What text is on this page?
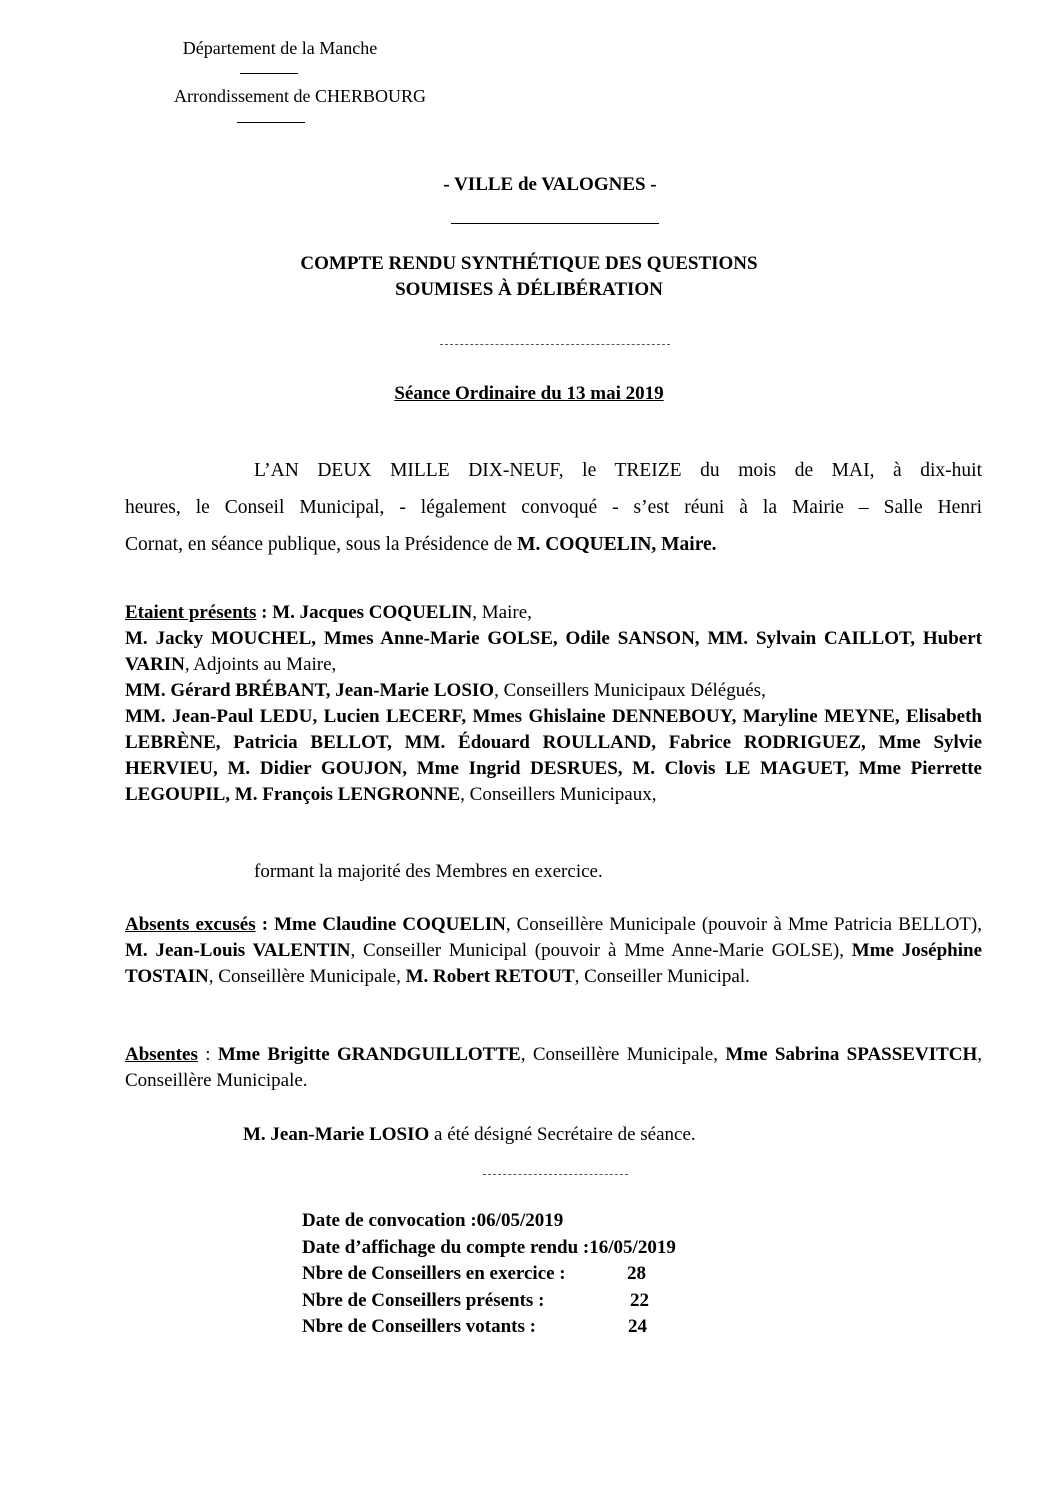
Département de la Manche
Arrondissement de CHERBOURG
- VILLE de VALOGNES -
COMPTE RENDU SYNTHÉTIQUE DES QUESTIONS
SOUMISES À DÉLIBÉRATION
Séance Ordinaire du 13 mai 2019
L’AN DEUX MILLE DIX-NEUF, le TREIZE du mois de MAI, à dix-huit
heures, le Conseil Municipal, - légalement convoqué - s’est réuni à la Mairie – Salle Henri
Cornat, en séance publique, sous la Présidence de M. COQUELIN, Maire.
Etaient présents : M. Jacques COQUELIN, Maire,
M. Jacky MOUCHEL, Mmes Anne-Marie GOLSE, Odile SANSON, MM. Sylvain CAILLOT, Hubert VARIN, Adjoints au Maire,
MM. Gérard BRÉBANT, Jean-Marie LOSIO, Conseillers Municipaux Délégués,
MM. Jean-Paul LEDU, Lucien LECERF, Mmes Ghislaine DENNEBOUY, Maryline MEYNE, Elisabeth LEBRÈNE, Patricia BELLOT, MM. Édouard ROULLAND, Fabrice RODRIGUEZ, Mme Sylvie HERVIEU, M. Didier GOUJON, Mme Ingrid DESRUES, M. Clovis LE MAGUET, Mme Pierrette LEGOUPIL, M. François LENGRONNE, Conseillers Municipaux,
formant la majorité des Membres en exercice.
Absents excusés : Mme Claudine COQUELIN, Conseillère Municipale (pouvoir à Mme Patricia BELLOT), M. Jean-Louis VALENTIN, Conseiller Municipal (pouvoir à Mme Anne-Marie GOLSE), Mme Joséphine TOSTAIN, Conseillère Municipale, M. Robert RETOUT, Conseiller Municipal.
Absentes : Mme Brigitte GRANDGUILLOTTE, Conseillère Municipale, Mme Sabrina SPASSEVITCH, Conseillère Municipale.
M. Jean-Marie LOSIO a été désigné Secrétaire de séance.
Date de convocation :06/05/2019
Date d’affichage du compte rendu :16/05/2019
Nbre de Conseillers en exercice :	28
Nbre de Conseillers présents :	22
Nbre de Conseillers votants :	24
